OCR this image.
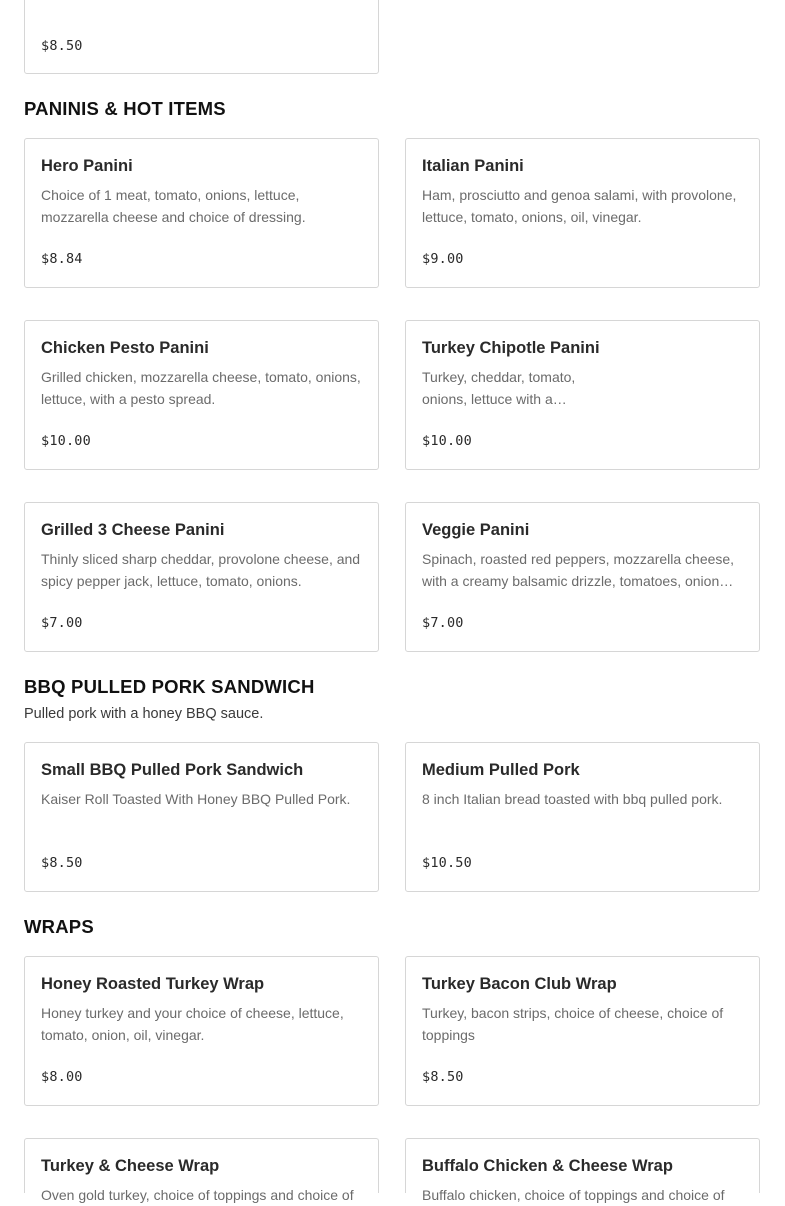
$8.50
PANINIS & HOT ITEMS
Hero Panini
Choice of 1 meat, tomato, onions, lettuce, mozzarella cheese and choice of dressing.
$8.84
Italian Panini
Ham, prosciutto and genoa salami, with provolone, lettuce, tomato, onions, oil, vinegar.
$9.00
Chicken Pesto Panini
Grilled chicken, mozzarella cheese, tomato, onions, lettuce, with a pesto spread.
$10.00
Turkey Chipotle Panini
Turkey, cheddar, tomato,
onions, lettuce with a…
$10.00
Grilled 3 Cheese Panini
Thinly sliced sharp cheddar, provolone cheese, and spicy pepper jack, lettuce, tomato, onions.
$7.00
Veggie Panini
Spinach, roasted red peppers, mozzarella cheese,
with a creamy balsamic drizzle, tomatoes, onion…
$7.00
BBQ PULLED PORK SANDWICH
Pulled pork with a honey BBQ sauce.
Small BBQ Pulled Pork Sandwich
Kaiser Roll Toasted With Honey BBQ Pulled Pork.
$8.50
Medium Pulled Pork
8 inch Italian bread toasted with bbq pulled pork.
$10.50
WRAPS
Honey Roasted Turkey Wrap
Honey turkey and your choice of cheese, lettuce, tomato, onion, oil, vinegar.
$8.00
Turkey Bacon Club Wrap
Turkey, bacon strips, choice of cheese, choice of toppings
$8.50
Turkey & Cheese Wrap
Oven gold turkey, choice of toppings and choice of
Buffalo Chicken & Cheese Wrap
Buffalo chicken, choice of toppings and choice of
